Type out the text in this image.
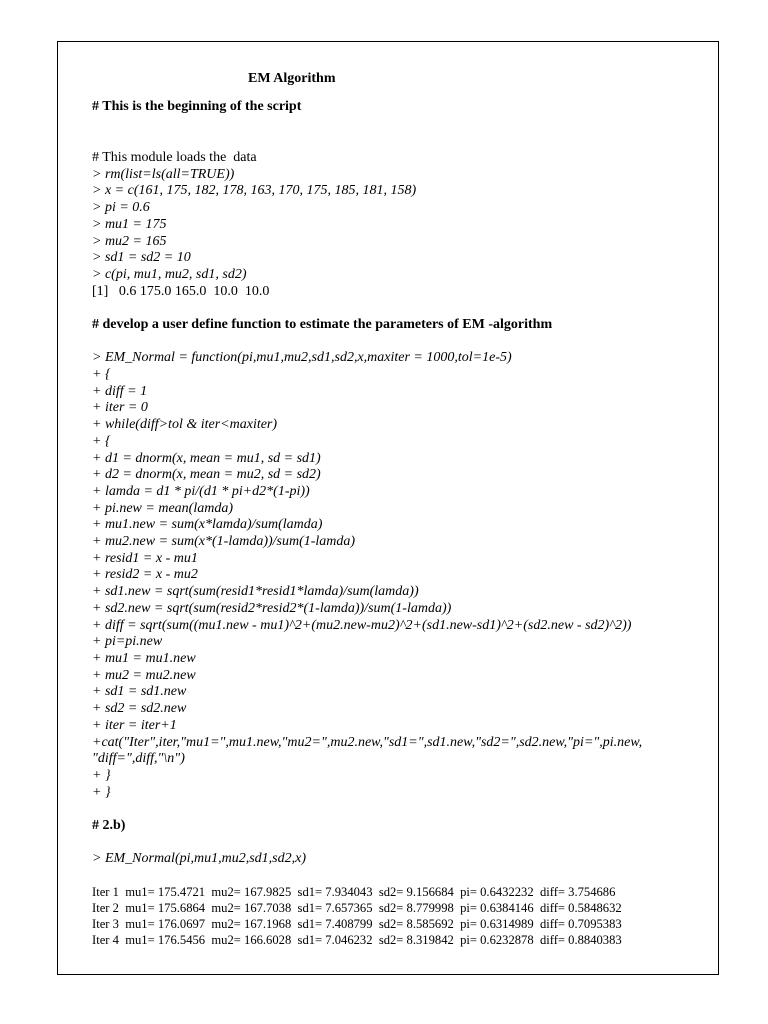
EM Algorithm
# This is the beginning of the script
# This module loads the  data
> rm(list=ls(all=TRUE))
> x = c(161, 175, 182, 178, 163, 170, 175, 185, 181, 158)
> pi = 0.6
> mu1 = 175
> mu2 = 165
> sd1 = sd2 = 10
> c(pi, mu1, mu2, sd1, sd2)
[1]   0.6 175.0 165.0  10.0  10.0
# develop a user define function to estimate the parameters of EM -algorithm
> EM_Normal = function(pi,mu1,mu2,sd1,sd2,x,maxiter = 1000,tol=1e-5)
+ {
+ diff = 1
+ iter = 0
+ while(diff>tol & iter<maxiter)
+ {
+ d1 = dnorm(x, mean = mu1, sd = sd1)
+ d2 = dnorm(x, mean = mu2, sd = sd2)
+ lamda = d1 * pi/(d1 * pi+d2*(1-pi))
+ pi.new = mean(lamda)
+ mu1.new = sum(x*lamda)/sum(lamda)
+ mu2.new = sum(x*(1-lamda))/sum(1-lamda)
+ resid1 = x - mu1
+ resid2 = x - mu2
+ sd1.new = sqrt(sum(resid1*resid1*lamda)/sum(lamda))
+ sd2.new = sqrt(sum(resid2*resid2*(1-lamda))/sum(1-lamda))
+ diff = sqrt(sum((mu1.new - mu1)^2+(mu2.new-mu2)^2+(sd1.new-sd1)^2+(sd2.new - sd2)^2))
+ pi=pi.new
+ mu1 = mu1.new
+ mu2 = mu2.new
+ sd1 = sd1.new
+ sd2 = sd2.new
+ iter = iter+1
+cat("Iter",iter,"mu1=",mu1.new,"mu2=",mu2.new,"sd1=",sd1.new,"sd2=",sd2.new,"pi=",pi.new,
"diff=",diff,"\n")
+ }
+ }
# 2.b)
> EM_Normal(pi,mu1,mu2,sd1,sd2,x)
Iter 1  mu1= 175.4721  mu2= 167.9825  sd1= 7.934043  sd2= 9.156684  pi= 0.6432232  diff= 3.754686
Iter 2  mu1= 175.6864  mu2= 167.7038  sd1= 7.657365  sd2= 8.779998  pi= 0.6384146  diff= 0.5848632
Iter 3  mu1= 176.0697  mu2= 167.1968  sd1= 7.408799  sd2= 8.585692  pi= 0.6314989  diff= 0.7095383
Iter 4  mu1= 176.5456  mu2= 166.6028  sd1= 7.046232  sd2= 8.319842  pi= 0.6232878  diff= 0.8840383
